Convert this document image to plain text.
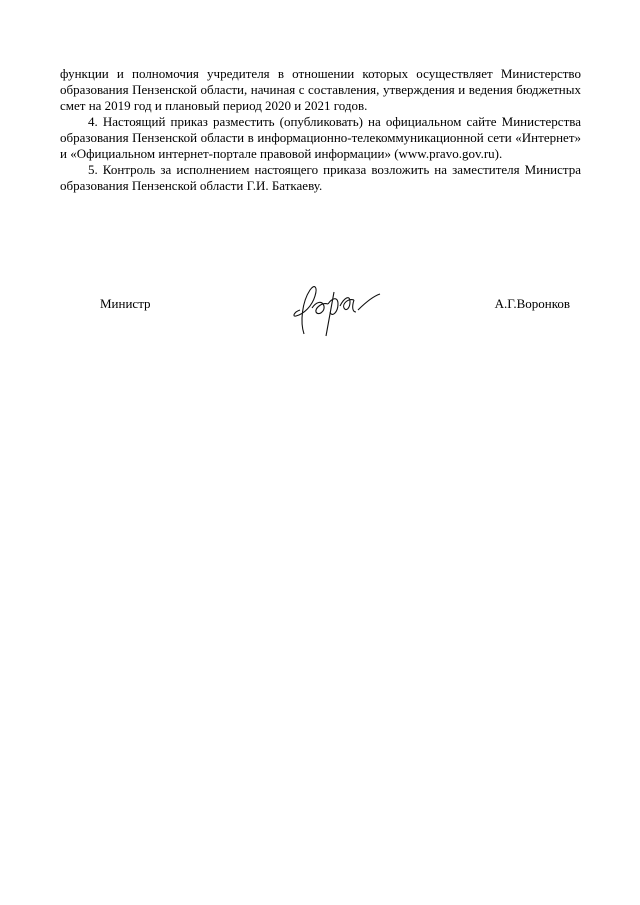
функции и полномочия учредителя в отношении которых осуществляет Министерство образования Пензенской области, начиная с составления, утверждения и ведения бюджетных смет на 2019 год и плановый период 2020 и 2021 годов.

4. Настоящий приказ разместить (опубликовать) на официальном сайте Министерства образования Пензенской области в информационно-телекоммуникационной сети «Интернет» и «Официальном интернет-портале правовой информации» (www.pravo.gov.ru).

5. Контроль за исполнением настоящего приказа возложить на заместителя Министра образования Пензенской области Г.И. Баткаеву.

Министр	А.Г.Воронков
